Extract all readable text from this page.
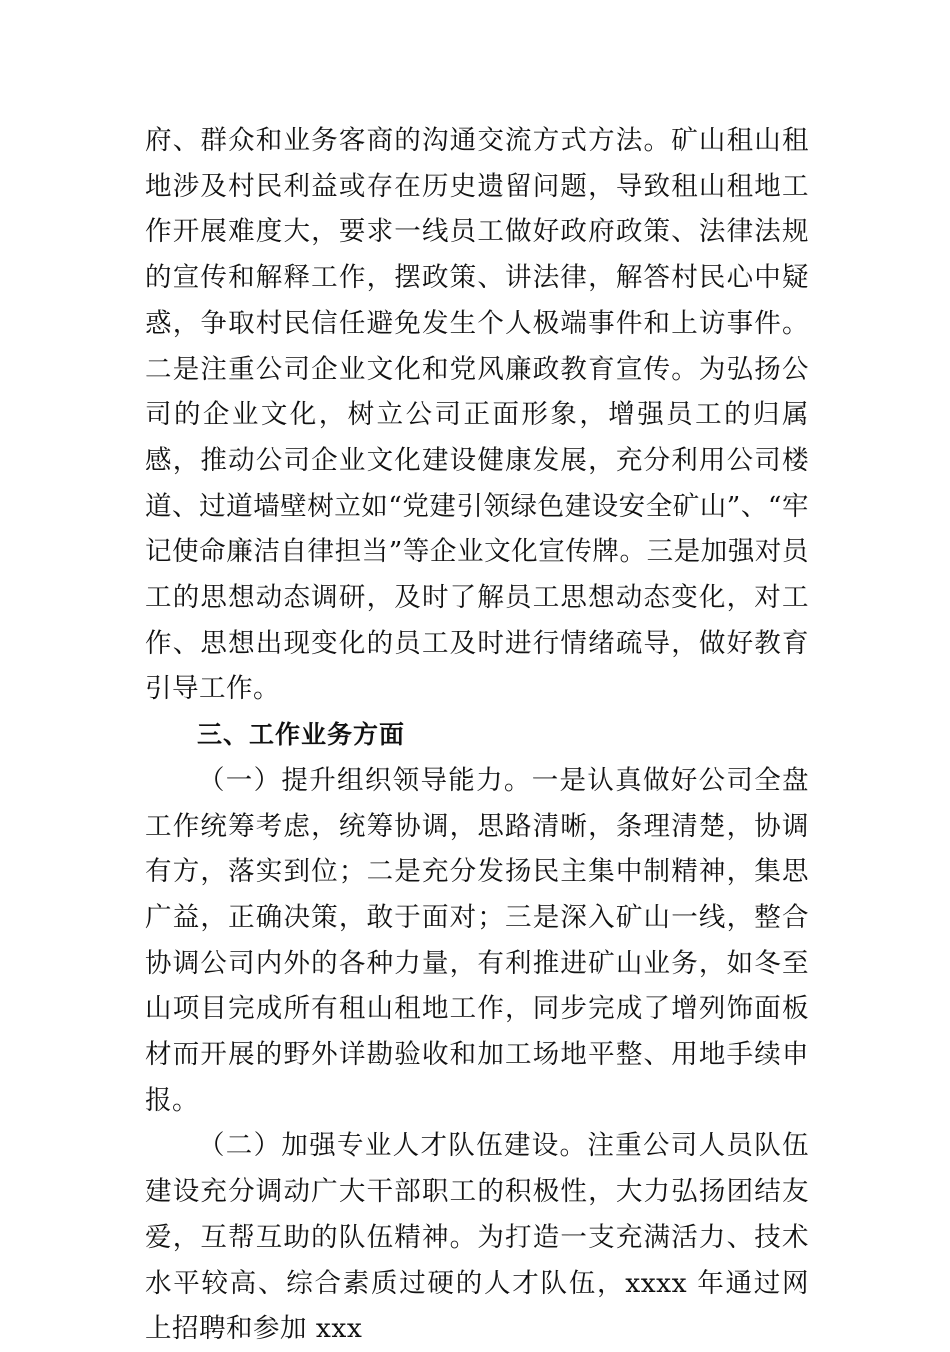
府、群众和业务客商的沟通交流方式方法。矿山租山租地涉及村民利益或存在历史遗留问题，导致租山租地工作开展难度大，要求一线员工做好政府政策、法律法规的宣传和解释工作，摆政策、讲法律，解答村民心中疑惑，争取村民信任避免发生个人极端事件和上访事件。二是注重公司企业文化和党风廉政教育宣传。为弘扬公司的企业文化，树立公司正面形象，增强员工的归属感，推动公司企业文化建设健康发展，充分利用公司楼道、过道墙壁树立如“党建引领绿色建设安全矿山”、“牢记使命廉洁自律担当”等企业文化宣传牌。三是加强对员工的思想动态调研，及时了解员工思想动态变化，对工作、思想出现变化的员工及时进行情绪疏导，做好教育引导工作。

三、工作业务方面

（一）提升组织领导能力。一是认真做好公司全盘工作统筹考虑，统筹协调，思路清晰，条理清楚，协调有方，落实到位；二是充分发扬民主集中制精神，集思广益，正确决策，敢于面对；三是深入矿山一线，整合协调公司内外的各种力量，有利推进矿山业务，如冬至山项目完成所有租山租地工作，同步完成了增列饰面板材而开展的野外详勘验收和加工场地平整、用地手续申报。

（二）加强专业人才队伍建设。注重公司人员队伍建设充分调动广大干部职工的积极性，大力弘扬团结友爱，互帮互助的队伍精神。为打造一支充满活力、技术水平较高、综合素质过硬的人才队伍，xxxx 年通过网上招聘和参加 xxx
